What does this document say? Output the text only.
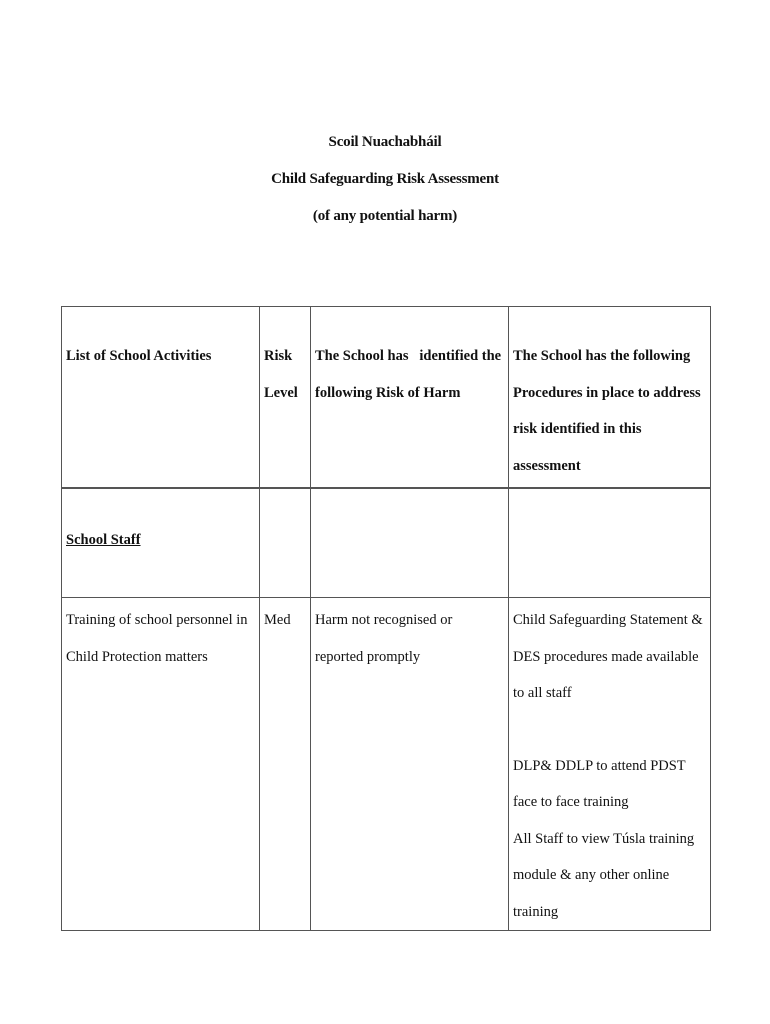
Scoil Nuachabháil
Child Safeguarding Risk Assessment
(of any potential harm)
List of School Activities	Risk Level	The School has   identified the following Risk of Harm	The School has the following Procedures in place to address risk identified in this assessment
School Staff			
Training of school personnel in Child Protection matters	Med	Harm not recognised or reported promptly	Child Safeguarding Statement & DES procedures made available to all staff
DLP& DDLP to attend PDST face to face training
All Staff to view Túsla training module & any other online training
